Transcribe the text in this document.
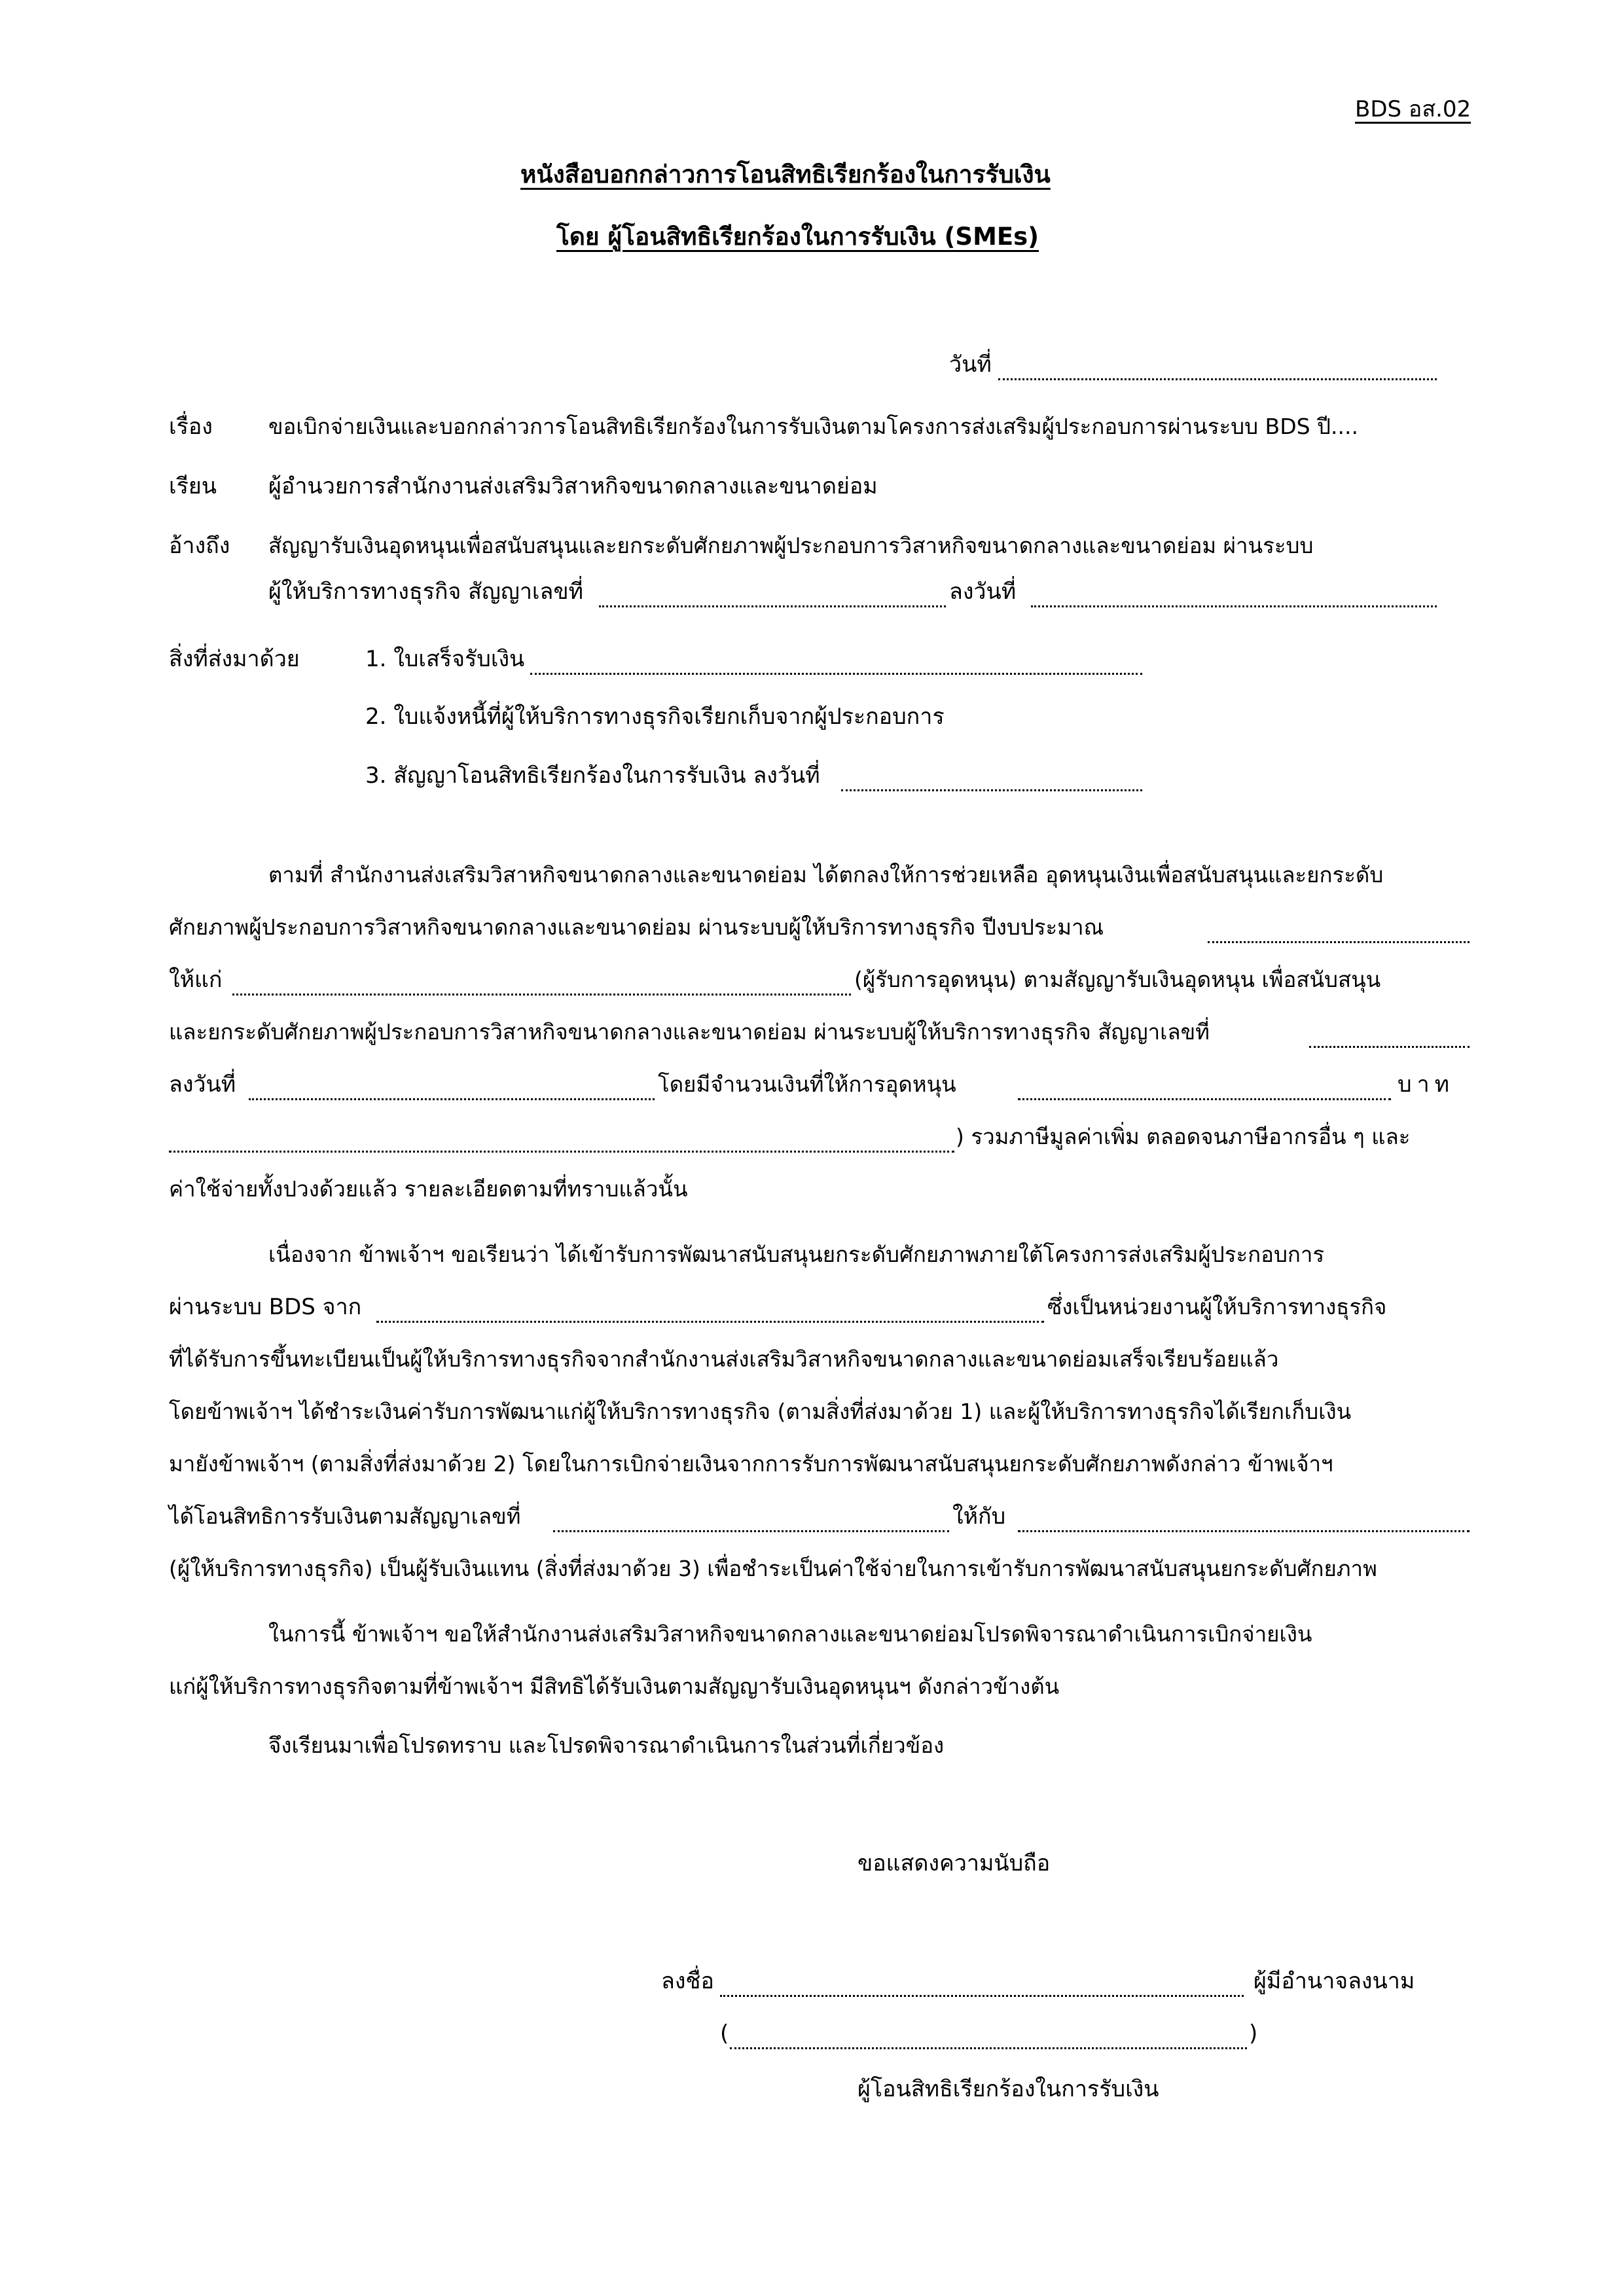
BDS อส.02
หนังสือบอกกล่าวการโอนสิทธิเรียกร้องในการรับเงิน
โดย ผู้โอนสิทธิเรียกร้องในการรับเงิน (SMEs)
วันที่
เรื่อง	ขอเบิกจ่ายเงินและบอกกล่าวการโอนสิทธิเรียกร้องในการรับเงินตามโครงการส่งเสริมผู้ประกอบการผ่านระบบ BDS ปี....
เรียน ผู้อำนวยการสำนักงานส่งเสริมวิสาหกิจขนาดกลางและขนาดย่อม
อ้างถึง สัญญารับเงินอุดหนุนเพื่อสนับสนุนและยกระดับศักยภาพผู้ประกอบการวิสาหกิจขนาดกลางและขนาดย่อม ผ่านระบบ
ผู้ให้บริการทางธุรกิจ สัญญาเลขที่	ลงวันที่
สิ่งที่ส่งมาด้วย	1. ใบเสร็จรับเงิน
2. ใบแจ้งหนี้ที่ผู้ให้บริการทางธุรกิจเรียกเก็บจากผู้ประกอบการ
3. สัญญาโอนสิทธิเรียกร้องในการรับเงิน ลงวันที่
ตามที่ สำนักงานส่งเสริมวิสาหกิจขนาดกลางและขนาดย่อม ได้ตกลงให้การช่วยเหลือ อุดหนุนเงินเพื่อสนับสนุนและยกระดับ
ศักยภาพผู้ประกอบการวิสาหกิจขนาดกลางและขนาดย่อม ผ่านระบบผู้ให้บริการทางธุรกิจ ปีงบประมาณ
ให้แก่	(ผู้รับการอุดหนุน) ตามสัญญารับเงินอุดหนุน เพื่อสนับสนุน
และยกระดับศักยภาพผู้ประกอบการวิสาหกิจขนาดกลางและขนาดย่อม ผ่านระบบผู้ให้บริการทางธุรกิจ สัญญาเลขที่
ลงวันที่	โดยมีจำนวนเงินที่ให้การอุดหนุน	บาท
) รวมภาษีมูลค่าเพิ่ม ตลอดจนภาษีอากรอื่น ๆ และ
ค่าใช้จ่ายทั้งปวงด้วยแล้ว รายละเอียดตามที่ทราบแล้วนั้น
เนื่องจาก ข้าพเจ้าฯ ขอเรียนว่า ได้เข้ารับการพัฒนาสนับสนุนยกระดับศักยภาพภายใต้โครงการส่งเสริมผู้ประกอบการ
ผ่านระบบ BDS จาก	ซึ่งเป็นหน่วยงานผู้ให้บริการทางธุรกิจ
ที่ได้รับการขึ้นทะเบียนเป็นผู้ให้บริการทางธุรกิจจากสำนักงานส่งเสริมวิสาหกิจขนาดกลางและขนาดย่อมเสร็จเรียบร้อยแล้ว
โดยข้าพเจ้าฯ ได้ชำระเงินค่ารับการพัฒนาแก่ผู้ให้บริการทางธุรกิจ (ตามสิ่งที่ส่งมาด้วย 1) และผู้ให้บริการทางธุรกิจได้เรียกเก็บเงิน
มายังข้าพเจ้าฯ (ตามสิ่งที่ส่งมาด้วย 2) โดยในการเบิกจ่ายเงินจากการรับการพัฒนาสนับสนุนยกระดับศักยภาพดังกล่าว ข้าพเจ้าฯ
ได้โอนสิทธิการรับเงินตามสัญญาเลขที่	ให้กับ
(ผู้ให้บริการทางธุรกิจ) เป็นผู้รับเงินแทน (สิ่งที่ส่งมาด้วย 3) เพื่อชำระเป็นค่าใช้จ่ายในการเข้ารับการพัฒนาสนับสนุนยกระดับศักยภาพ
ในการนี้ ข้าพเจ้าฯ ขอให้สำนักงานส่งเสริมวิสาหกิจขนาดกลางและขนาดย่อมโปรดพิจารณาดำเนินการเบิกจ่ายเงิน
แก่ผู้ให้บริการทางธุรกิจตามที่ข้าพเจ้าฯ มีสิทธิได้รับเงินตามสัญญารับเงินอุดหนุนฯ ดังกล่าวข้างต้น
จึงเรียนมาเพื่อโปรดทราบ และโปรดพิจารณาดำเนินการในส่วนที่เกี่ยวข้อง
ขอแสดงความนับถือ
ลงชื่อ	ผู้มีอำนาจลงนาม
(	)
ผู้โอนสิทธิเรียกร้องในการรับเงิน
